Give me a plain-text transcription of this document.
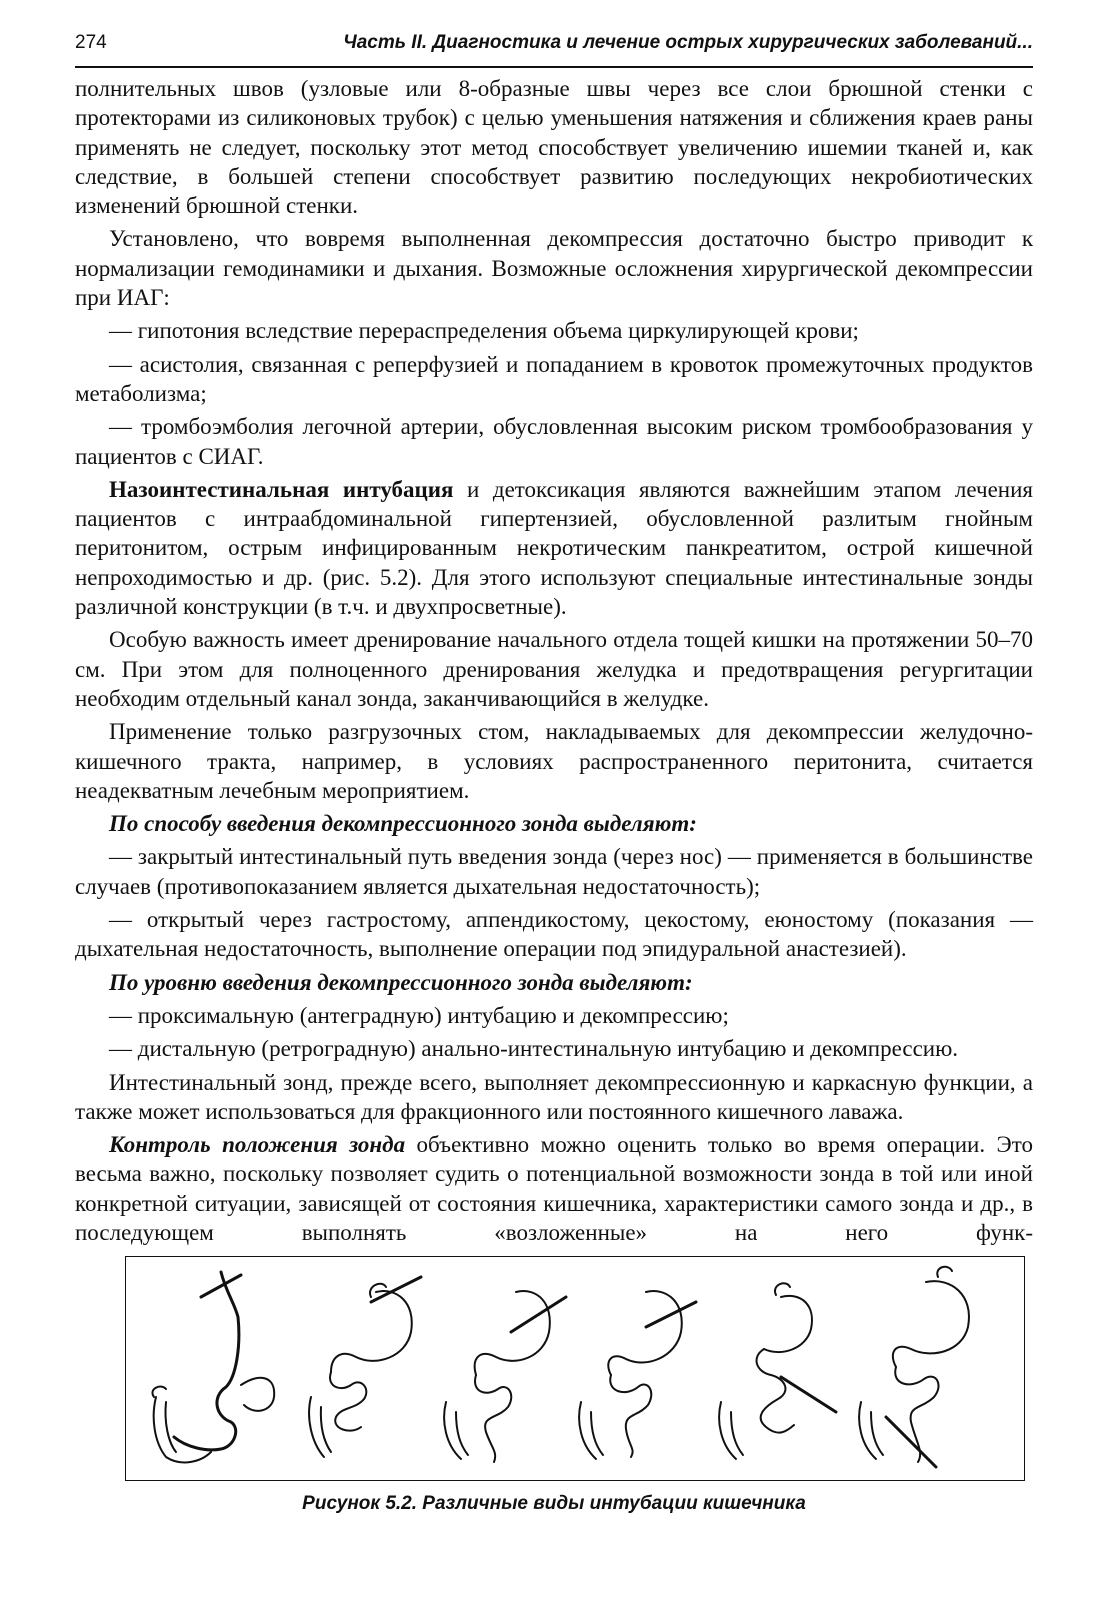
274	Часть II. Диагностика и лечение острых хирургических заболеваний...

полнительных швов (узловые или 8-образные швы через все слои брюшной стенки с протекторами из силиконовых трубок) с целью уменьшения натяжения и сближения краев раны применять не следует, поскольку этот метод способствует увеличению ишемии тканей и, как следствие, в большей степени способствует развитию последующих некробиотических изменений брюшной стенки.

Установлено, что вовремя выполненная декомпрессия достаточно быстро приводит к нормализации гемодинамики и дыхания. Возможные осложнения хирургической декомпрессии при ИАГ:

— гипотония вследствие перераспределения объема циркулирующей крови;

— асистолия, связанная с реперфузией и попаданием в кровоток промежуточных продуктов метаболизма;

— тромбоэмболия легочной артерии, обусловленная высоким риском тромбообразования у пациентов с СИАГ.

Назоинтестинальная интубация и детоксикация являются важнейшим этапом лечения пациентов с интраабдоминальной гипертензией, обусловленной разлитым гнойным перитонитом, острым инфицированным некротическим панкреатитом, острой кишечной непроходимостью и др. (рис. 5.2). Для этого используют специальные интестинальные зонды различной конструкции (в т.ч. и двухпросветные).

Особую важность имеет дренирование начального отдела тощей кишки на протяжении 50–70 см. При этом для полноценного дренирования желудка и предотвращения регургитации необходим отдельный канал зонда, заканчивающийся в желудке.

Применение только разгрузочных стом, накладываемых для декомпрессии желудочно-кишечного тракта, например, в условиях распространенного перитонита, считается неадекватным лечебным мероприятием.

По способу введения декомпрессионного зонда выделяют:

— закрытый интестинальный путь введения зонда (через нос) — применяется в большинстве случаев (противопоказанием является дыхательная недостаточность);

— открытый через гастростому, аппендикостому, цекостому, еюностому (показания — дыхательная недостаточность, выполнение операции под эпидуральной анастезией).

По уровню введения декомпрессионного зонда выделяют:

— проксимальную (антеградную) интубацию и декомпрессию;

— дистальную (ретроградную) анально-интестинальную интубацию и декомпрессию.

Интестинальный зонд, прежде всего, выполняет декомпрессионную и каркасную функции, а также может использоваться для фракционного или постоянного кишечного лаважа.

Контроль положения зонда объективно можно оценить только во время операции. Это весьма важно, поскольку позволяет судить о потенциальной возможности зонда в той или иной конкретной ситуации, зависящей от состояния кишечника, характеристики самого зонда и др., в последующем выполнять «возложенные» на него функ-

Рисунок 5.2. Различные виды интубации кишечника
